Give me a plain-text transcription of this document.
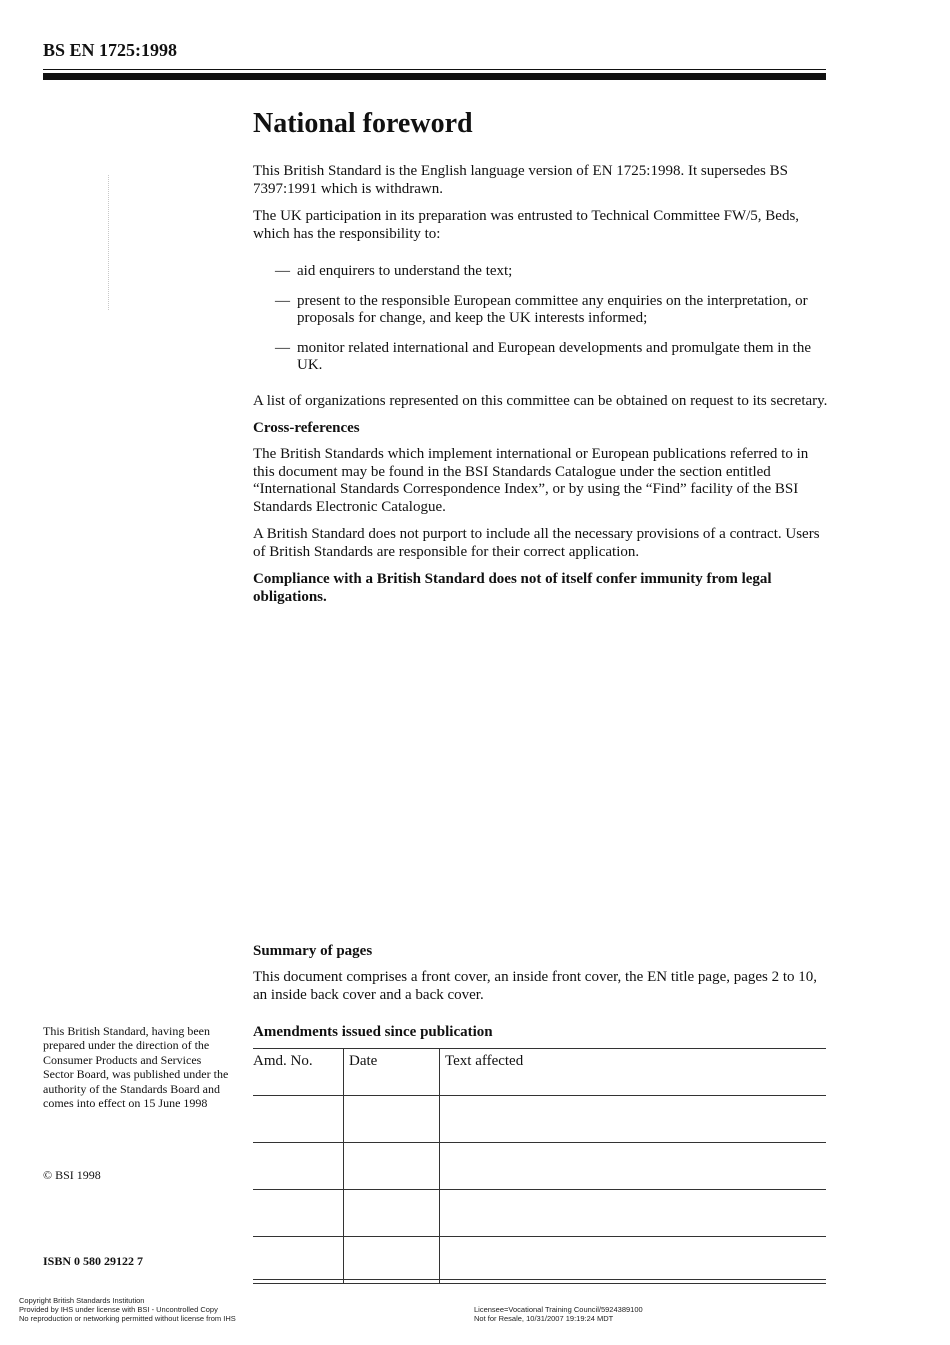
BS EN 1725:1998
National foreword

This British Standard is the English language version of EN 1725:1998. It supersedes BS 7397:1991 which is withdrawn.

The UK participation in its preparation was entrusted to Technical Committee FW/5, Beds, which has the responsibility to:

— aid enquirers to understand the text;
— present to the responsible European committee any enquiries on the interpretation, or proposals for change, and keep the UK interests informed;
— monitor related international and European developments and promulgate them in the UK.

A list of organizations represented on this committee can be obtained on request to its secretary.

Cross-references

The British Standards which implement international or European publications referred to in this document may be found in the BSI Standards Catalogue under the section entitled “International Standards Correspondence Index”, or by using the “Find” facility of the BSI Standards Electronic Catalogue.

A British Standard does not purport to include all the necessary provisions of a contract. Users of British Standards are responsible for their correct application.

Compliance with a British Standard does not of itself confer immunity from legal obligations.

Summary of pages

This document comprises a front cover, an inside front cover, the EN title page, pages 2 to 10, an inside back cover and a back cover.

Amendments issued since publication
Amd. No.	Date	Text affected

This British Standard, having been prepared under the direction of the Consumer Products and Services Sector Board, was published under the authority of the Standards Board and comes into effect on 15 June 1998
© BSI 1998
ISBN 0 580 29122 7
Copyright British Standards Institution
Provided by IHS under license with BSI - Uncontrolled Copy
No reproduction or networking permitted without license from IHS
Licensee=Vocational Training Council/5924389100
Not for Resale, 10/31/2007 19:19:24 MDT
